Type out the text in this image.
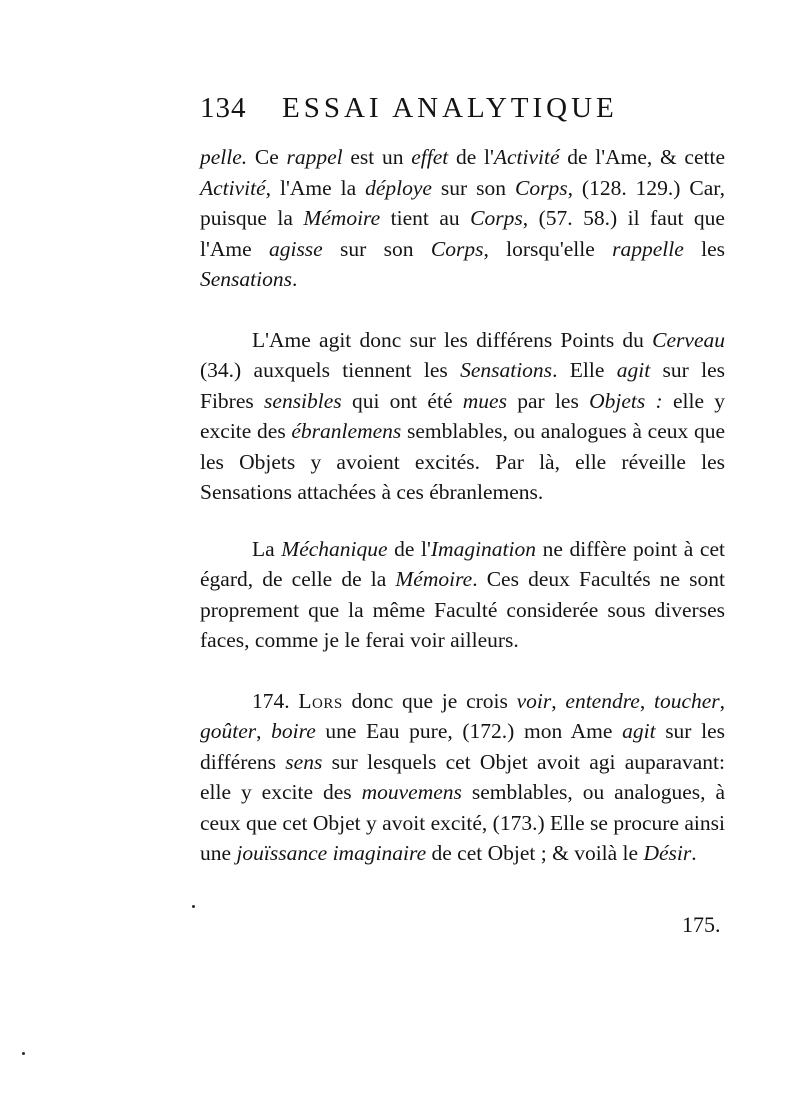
134 ESSAI ANALYTIQUE

pelle. Ce rappel est un effet de l'Activité de l'Ame, & cette Activité, l'Ame la déploye sur son Corps, (128. 129.) Car, puisque la Mémoire tient au Corps, (57. 58.) il faut que l'Ame agisse sur son Corps, lorsqu'elle rappelle les Sensations.

L'Ame agit donc sur les différens Points du Cerveau (34.) auxquels tiennent les Sensations. Elle agit sur les Fibres sensibles qui ont été mues par les Objets : elle y excite des ébranlemens semblables, ou analogues à ceux que les Objets y avoient excités. Par là, elle réveille les Sensations attachées à ces ébranlemens.

La Méchanique de l'Imagination ne diffère point à cet égard, de celle de la Mémoire. Ces deux Facultés ne sont proprement que la même Faculté considerée sous diverses faces, comme je le ferai voir ailleurs.

174. Lors donc que je crois voir, entendre, toucher, goûter, boire une Eau pure, (172.) mon Ame agit sur les différens sens sur lesquels cet Objet avoit agi auparavant: elle y excite des mouvemens semblables, ou analogues, à ceux que cet Objet y avoit excité, (173.) Elle se procure ainsi une jouïssance imaginaire de cet Objet ; & voilà le Désir.

175.
